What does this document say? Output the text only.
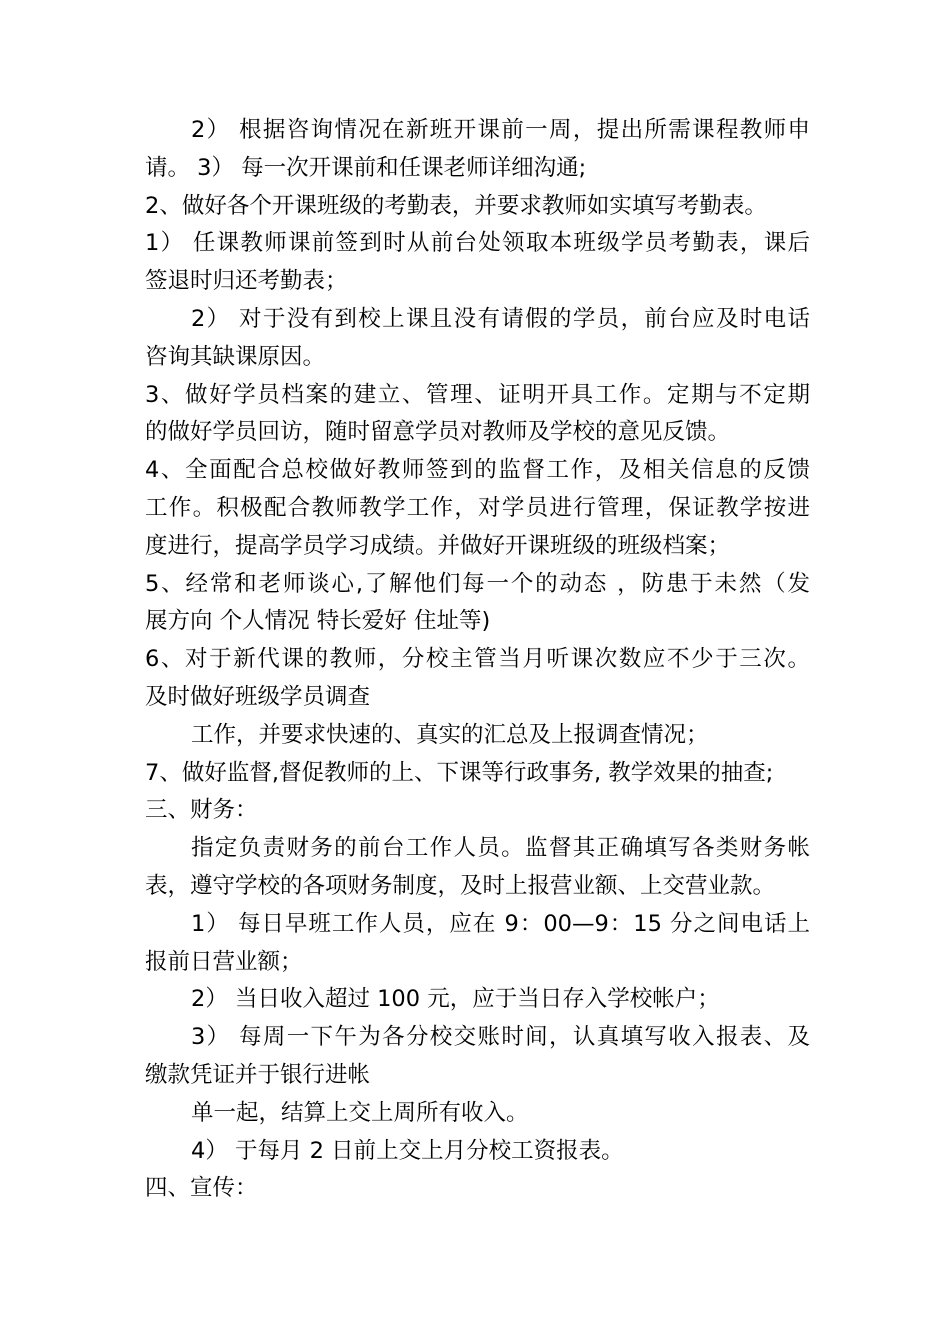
2） 根据咨询情况在新班开课前一周，提出所需课程教师申
请。 3） 每一次开课前和任课老师详细沟通;
2、做好各个开课班级的考勤表，并要求教师如实填写考勤表。
1） 任课教师课前签到时从前台处领取本班级学员考勤表，课后
签退时归还考勤表；
2） 对于没有到校上课且没有请假的学员，前台应及时电话
咨询其缺课原因。
3、做好学员档案的建立、管理、证明开具工作。定期与不定期
的做好学员回访，随时留意学员对教师及学校的意见反馈。
4、全面配合总校做好教师签到的监督工作，及相关信息的反馈
工作。积极配合教师教学工作，对学员进行管理，保证教学按进
度进行，提高学员学习成绩。并做好开课班级的班级档案；
5、经常和老师谈心,了解他们每一个的动态 ，防患于未然（发
展方向 个人情况 特长爱好 住址等)
6、对于新代课的教师，分校主管当月听课次数应不少于三次。
及时做好班级学员调查
工作，并要求快速的、真实的汇总及上报调查情况；
7、做好监督,督促教师的上、下课等行政事务, 教学效果的抽查;
三、财务：
指定负责财务的前台工作人员。监督其正确填写各类财务帐
表，遵守学校的各项财务制度，及时上报营业额、上交营业款。
1） 每日早班工作人员，应在 9：00—9：15 分之间电话上
报前日营业额；
2） 当日收入超过 100 元，应于当日存入学校帐户；
3） 每周一下午为各分校交账时间，认真填写收入报表、及
缴款凭证并于银行进帐
单一起，结算上交上周所有收入。
4） 于每月 2 日前上交上月分校工资报表。
四、宣传：
